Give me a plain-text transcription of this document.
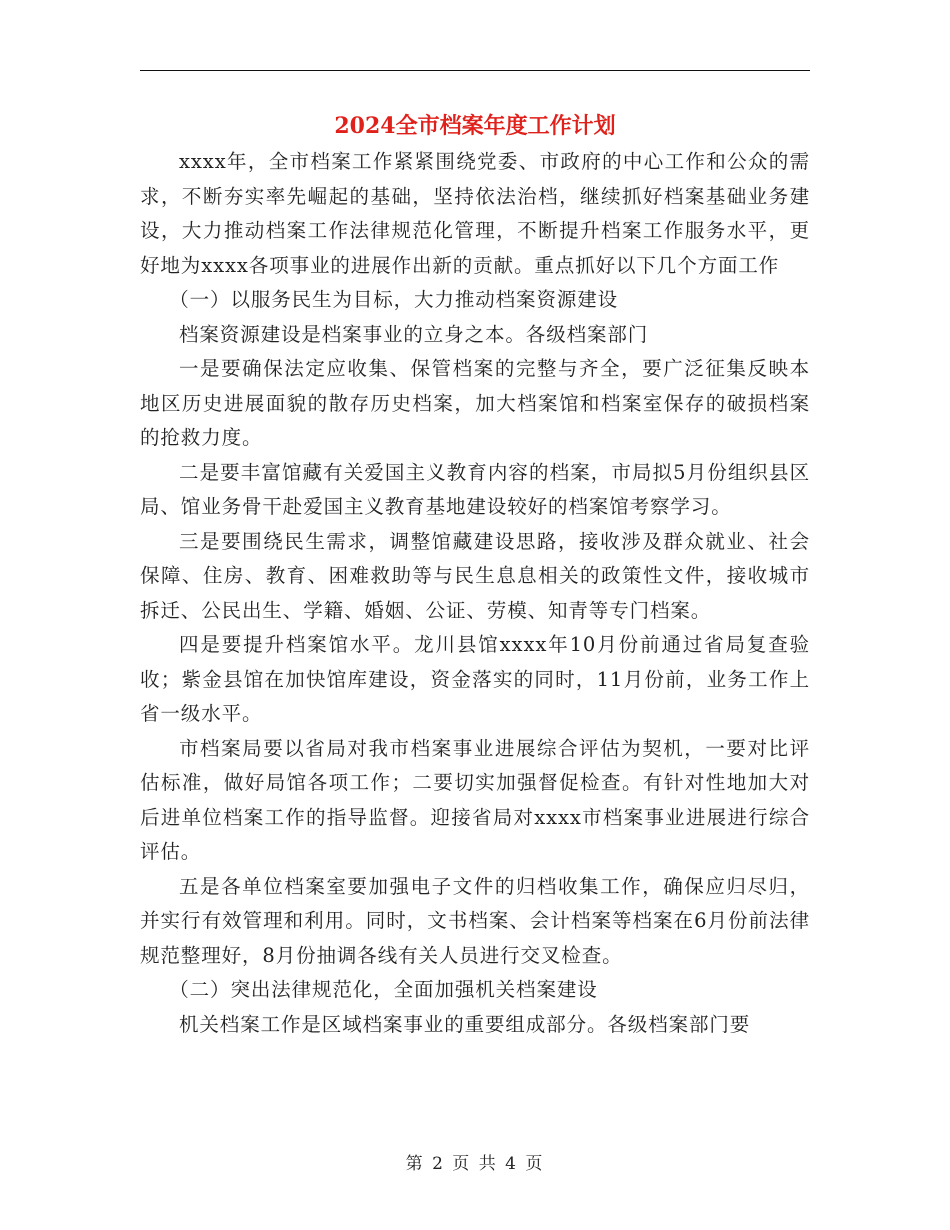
2024全市档案年度工作计划

xxxx年，全市档案工作紧紧围绕党委、市政府的中心工作和公众的需求，不断夯实率先崛起的基础，坚持依法治档，继续抓好档案基础业务建设，大力推动档案工作法律规范化管理，不断提升档案工作服务水平，更好地为xxxx各项事业的进展作出新的贡献。重点抓好以下几个方面工作

（一）以服务民生为目标，大力推动档案资源建设

档案资源建设是档案事业的立身之本。各级档案部门

一是要确保法定应收集、保管档案的完整与齐全，要广泛征集反映本地区历史进展面貌的散存历史档案，加大档案馆和档案室保存的破损档案的抢救力度。

二是要丰富馆藏有关爱国主义教育内容的档案，市局拟5月份组织县区局、馆业务骨干赴爱国主义教育基地建设较好的档案馆考察学习。

三是要围绕民生需求，调整馆藏建设思路，接收涉及群众就业、社会保障、住房、教育、困难救助等与民生息息相关的政策性文件，接收城市拆迁、公民出生、学籍、婚姻、公证、劳模、知青等专门档案。

四是要提升档案馆水平。龙川县馆xxxx年10月份前通过省局复查验收；紫金县馆在加快馆库建设，资金落实的同时，11月份前，业务工作上省一级水平。

市档案局要以省局对我市档案事业进展综合评估为契机，一要对比评估标准，做好局馆各项工作；二要切实加强督促检查。有针对性地加大对后进单位档案工作的指导监督。迎接省局对xxxx市档案事业进展进行综合评估。

五是各单位档案室要加强电子文件的归档收集工作，确保应归尽归，并实行有效管理和利用。同时，文书档案、会计档案等档案在6月份前法律规范整理好，8月份抽调各线有关人员进行交叉检查。

（二）突出法律规范化，全面加强机关档案建设

机关档案工作是区域档案事业的重要组成部分。各级档案部门要

第 2 页 共 4 页
